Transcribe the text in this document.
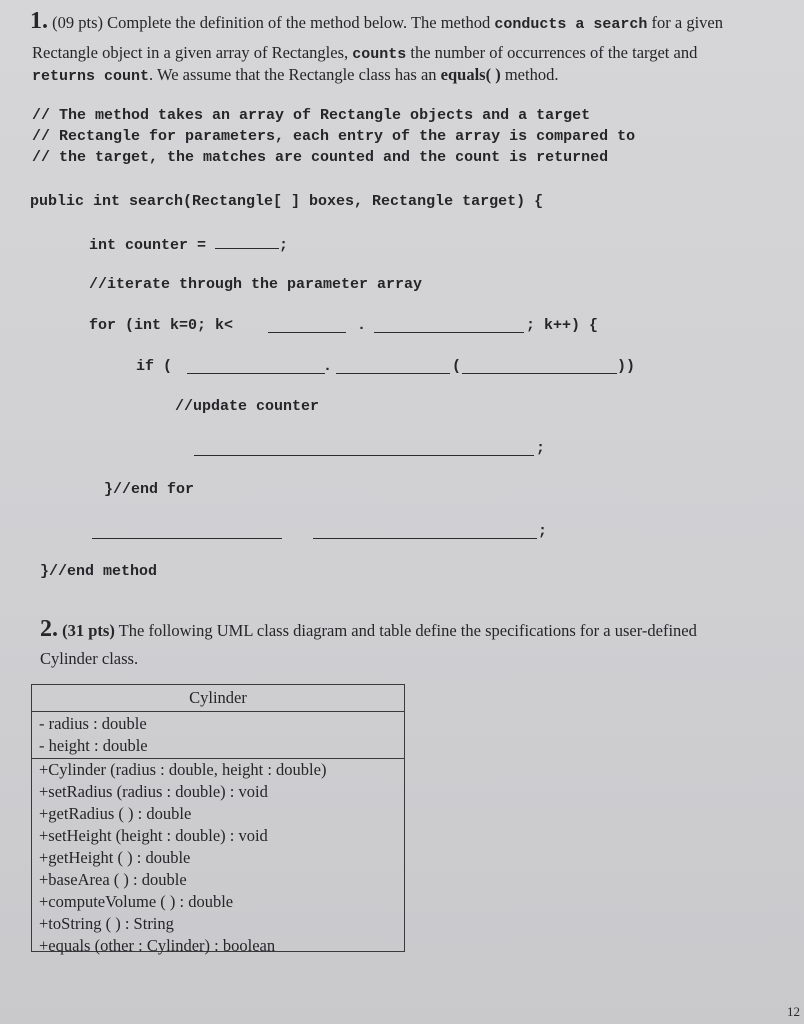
1. (09 pts) Complete the definition of the method below. The method conducts a search for a given
Rectangle object in a given array of Rectangles, counts the number of occurrences of the target and
returns count. We assume that the Rectangle class has an equals( ) method.
// The method takes an array of Rectangle objects and a target
// Rectangle for parameters, each entry of the array is compared to
// the target, the matches are counted and the count is returned
public int search(Rectangle[ ] boxes, Rectangle target) {
int counter =	;
//iterate through the parameter array
for (int k=0; k<	.	; k++) {
if (	.	(	))
//update counter
;
}//end for
;
}//end method
2. (31 pts) The following UML class diagram and table define the specifications for a user-defined
Cylinder class.
Cylinder
- radius : double
- height : double
+Cylinder (radius : double, height : double)
+setRadius (radius : double) : void
+getRadius ( ) : double
+setHeight (height : double) : void
+getHeight ( ) : double
+baseArea ( ) : double
+computeVolume ( ) : double
+toString ( ) : String
+equals (other : Cylinder) : boolean
12
